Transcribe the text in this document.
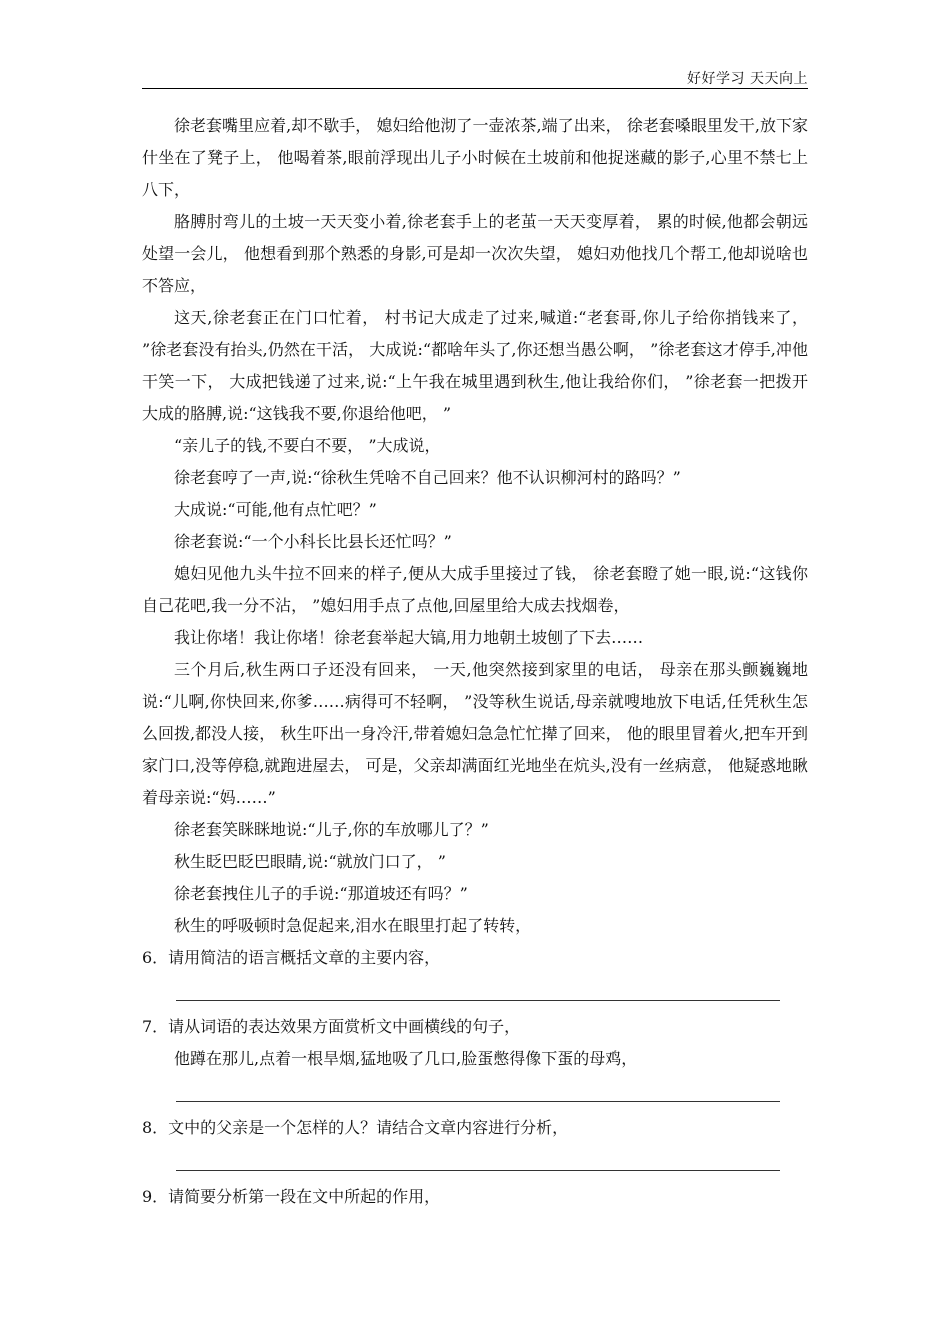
好好学习 天天向上

徐老套嘴里应着,却不歇手， 媳妇给他沏了一壶浓茶,端了出来， 徐老套嗓眼里发干,放下家什坐在了凳子上， 他喝着茶,眼前浮现出儿子小时候在土坡前和他捉迷藏的影子,心里不禁七上八下，

胳膊肘弯儿的土坡一天天变小着,徐老套手上的老茧一天天变厚着， 累的时候,他都会朝远处望一会儿， 他想看到那个熟悉的身影,可是却一次次失望， 媳妇劝他找几个帮工,他却说啥也不答应，

这天,徐老套正在门口忙着， 村书记大成走了过来,喊道:“老套哥,你儿子给你捎钱来了， ”徐老套没有抬头,仍然在干活， 大成说:“都啥年头了,你还想当愚公啊， ”徐老套这才停手,冲他干笑一下， 大成把钱递了过来,说:“上午我在城里遇到秋生,他让我给你们， ”徐老套一把拨开大成的胳膊,说:“这钱我不要,你退给他吧， ”

“亲儿子的钱,不要白不要， ”大成说，

徐老套哼了一声,说:“徐秋生凭啥不自己回来？他不认识柳河村的路吗？”

大成说:“可能,他有点忙吧？”

徐老套说:“一个小科长比县长还忙吗？”

媳妇见他九头牛拉不回来的样子,便从大成手里接过了钱， 徐老套瞪了她一眼,说:“这钱你自己花吧,我一分不沾， ”媳妇用手点了点他,回屋里给大成去找烟卷，

我让你堵！我让你堵！徐老套举起大镐,用力地朝土坡刨了下去……

三个月后,秋生两口子还没有回来， 一天,他突然接到家里的电话， 母亲在那头颤巍巍地说:“儿啊,你快回来,你爹……病得可不轻啊， ”没等秋生说话,母亲就嗖地放下电话,任凭秋生怎么回拨,都没人接， 秋生吓出一身冷汗,带着媳妇急急忙忙撵了回来， 他的眼里冒着火,把车开到家门口,没等停稳,就跑进屋去， 可是，父亲却满面红光地坐在炕头,没有一丝病意， 他疑惑地瞅着母亲说:“妈……”

徐老套笑眯眯地说:“儿子,你的车放哪儿了？”

秋生眨巴眨巴眼睛,说:“就放门口了， ”

徐老套拽住儿子的手说:“那道坡还有吗？”

秋生的呼吸顿时急促起来,泪水在眼里打起了转转，

6．请用简洁的语言概括文章的主要内容，

7．请从词语的表达效果方面赏析文中画横线的句子，

他蹲在那儿,点着一根旱烟,猛地吸了几口,脸蛋憋得像下蛋的母鸡，

8．文中的父亲是一个怎样的人？请结合文章内容进行分析，

9．请简要分析第一段在文中所起的作用，
